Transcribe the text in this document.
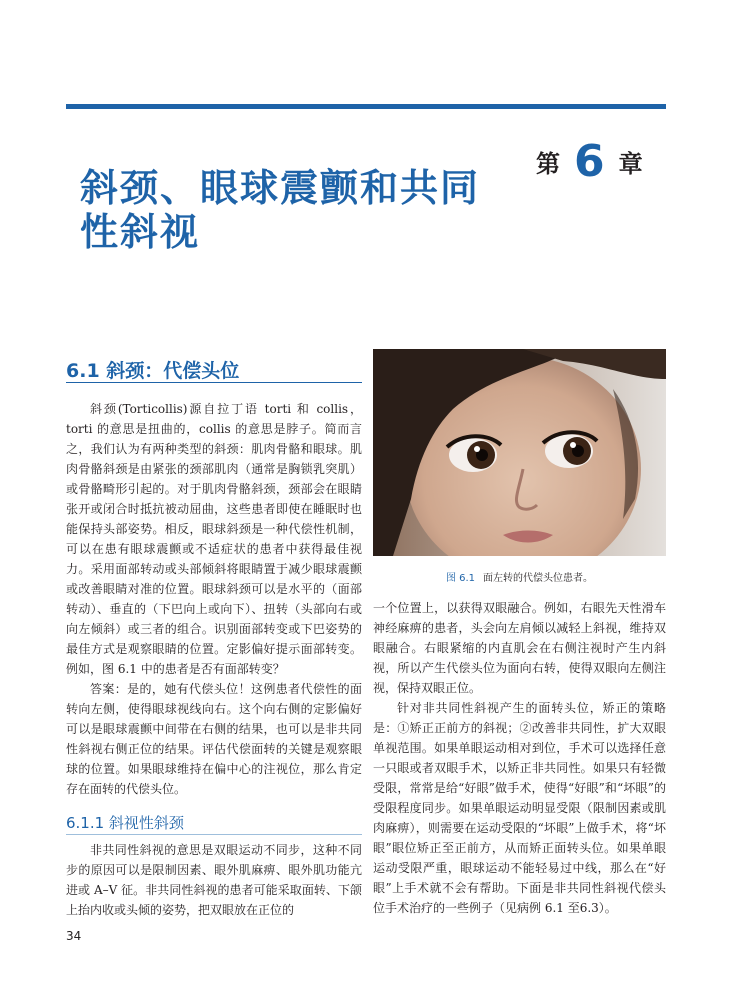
第 6 章
斜颈、眼球震颤和共同
性斜视
6.1 斜颈：代偿头位

斜颈(Torticollis)源自拉丁语 torti 和 collis，torti 的意思是扭曲的，collis 的意思是脖子。简而言之，我们认为有两种类型的斜颈：肌肉骨骼和眼球。肌肉骨骼斜颈是由紧张的颈部肌肉（通常是胸锁乳突肌）或骨骼畸形引起的。对于肌肉骨骼斜颈，颈部会在眼睛张开或闭合时抵抗被动屈曲，这些患者即使在睡眠时也能保持头部姿势。相反，眼球斜颈是一种代偿性机制，可以在患有眼球震颤或不适症状的患者中获得最佳视力。采用面部转动或头部倾斜将眼睛置于减少眼球震颤或改善眼睛对准的位置。眼球斜颈可以是水平的（面部转动）、垂直的（下巴向上或向下）、扭转（头部向右或向左倾斜）或三者的组合。识别面部转变或下巴姿势的最佳方式是观察眼睛的位置。定影偏好提示面部转变。例如，图 6.1 中的患者是否有面部转变？

答案：是的，她有代偿头位！这例患者代偿性的面转向左侧，使得眼球视线向右。这个向右侧的定影偏好可以是眼球震颤中间带在右侧的结果，也可以是非共同性斜视右侧正位的结果。评估代偿面转的关键是观察眼球的位置。如果眼球维持在偏中心的注视位，那么肯定存在面转的代偿头位。

6.1.1 斜视性斜颈

非共同性斜视的意思是双眼运动不同步，这种不同步的原因可以是限制因素、眼外肌麻痹、眼外肌功能亢进或 A–V 征。非共同性斜视的患者可能采取面转、下颌上抬内收或头倾的姿势，把双眼放在正位的

图 6.1 面左转的代偿头位患者。

一个位置上，以获得双眼融合。例如，右眼先天性滑车神经麻痹的患者，头会向左肩倾以减轻上斜视，维持双眼融合。右眼紧缩的内直肌会在右侧注视时产生内斜视，所以产生代偿头位为面向右转，使得双眼向左侧注视，保持双眼正位。

针对非共同性斜视产生的面转头位，矫正的策略是：①矫正正前方的斜视；②改善非共同性，扩大双眼单视范围。如果单眼运动相对到位，手术可以选择任意一只眼或者双眼手术，以矫正非共同性。如果只有轻微受限，常常是给“好眼”做手术，使得“好眼”和“坏眼”的受限程度同步。如果单眼运动明显受限（限制因素或肌肉麻痹），则需要在运动受限的“坏眼”上做手术，将“坏眼”眼位矫正至正前方，从而矫正面转头位。如果单眼运动受限严重，眼球运动不能轻易过中线，那么在“好眼”上手术就不会有帮助。下面是非共同性斜视代偿头位手术治疗的一些例子（见病例 6.1 至6.3）。

34
